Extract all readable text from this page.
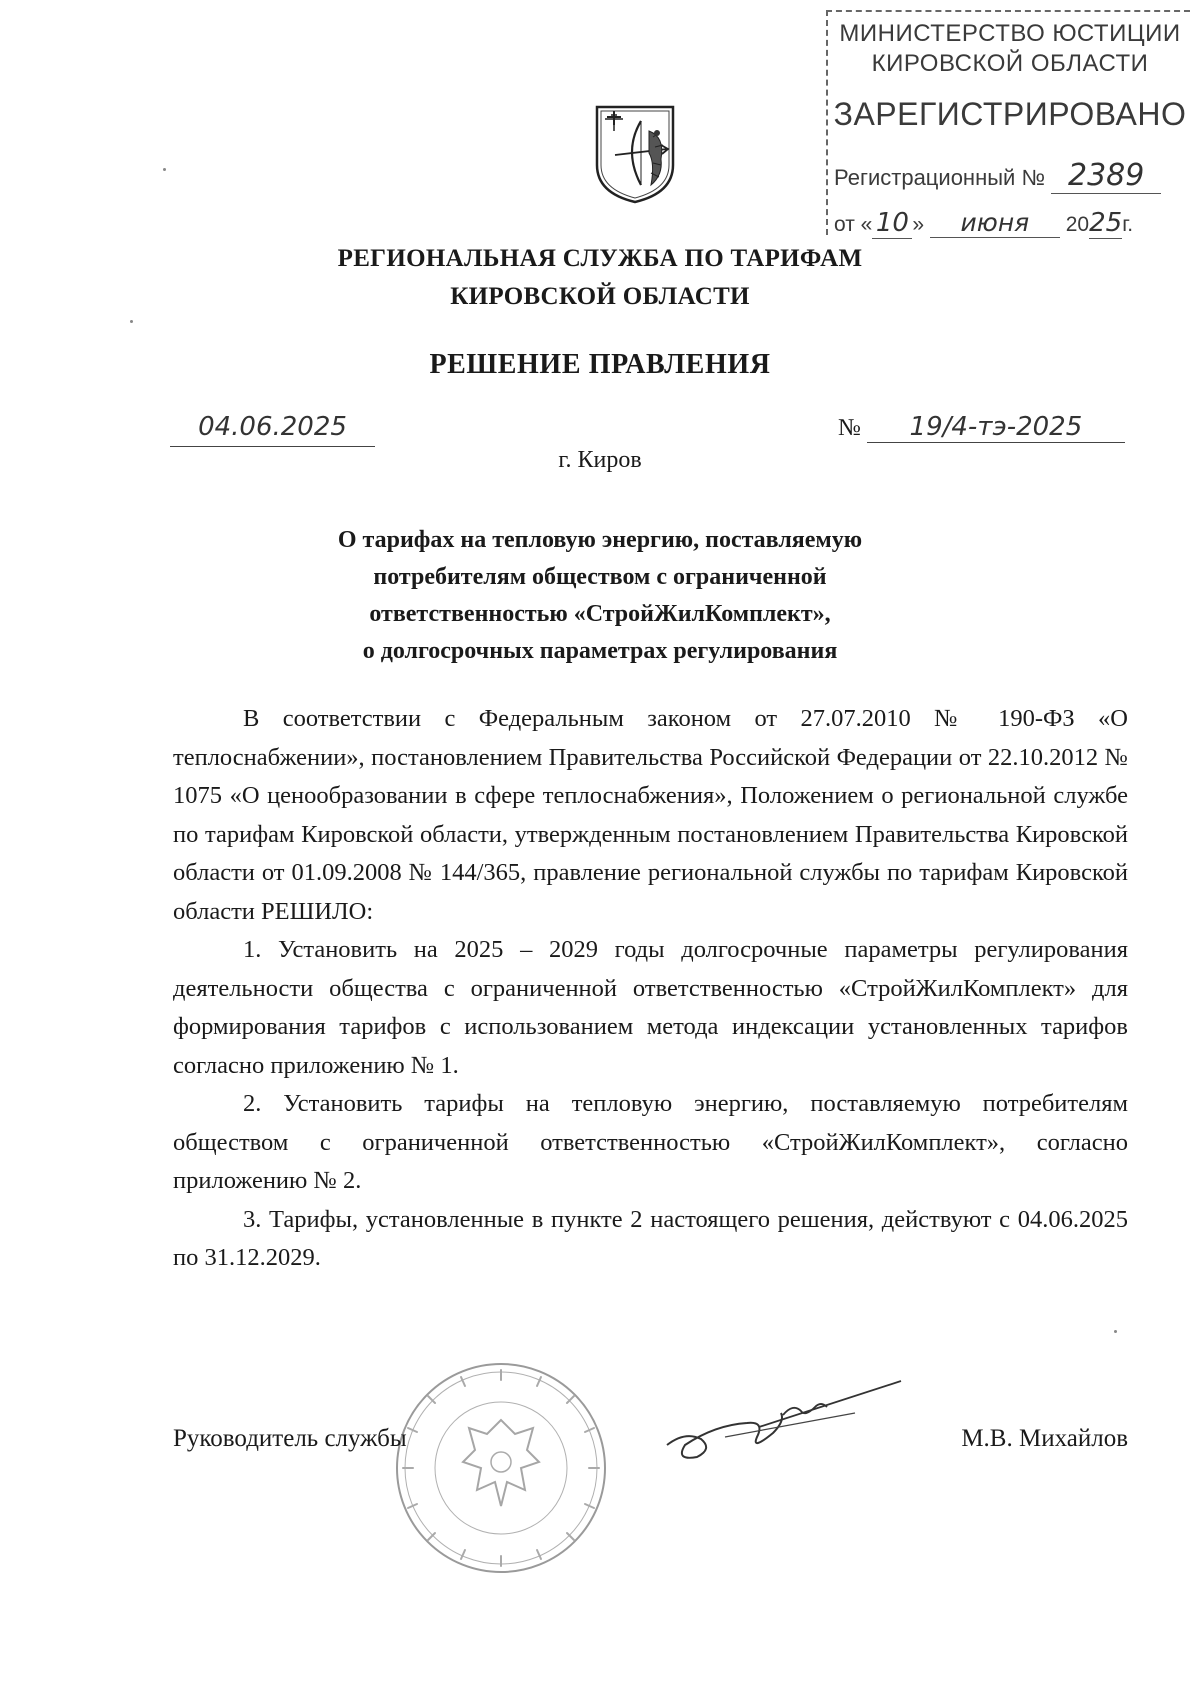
МИНИСТЕРСТВО ЮСТИЦИИ
КИРОВСКОЙ ОБЛАСТИ
ЗАРЕГИСТРИРОВАНО
Регистрационный № 2389
от « 10 » июня 2025г.
РЕГИОНАЛЬНАЯ СЛУЖБА ПО ТАРИФАМ
КИРОВСКОЙ ОБЛАСТИ
РЕШЕНИЕ ПРАВЛЕНИЯ
04.06.2025	№ 19/4-тэ-2025
г. Киров
О тарифах на тепловую энергию, поставляемую
потребителям обществом с ограниченной
ответственностью «СтройЖилКомплект»,
о долгосрочных параметрах регулирования

В соответствии с Федеральным законом от 27.07.2010 № 190-ФЗ «О теплоснабжении», постановлением Правительства Российской Федерации от 22.10.2012 № 1075 «О ценообразовании в сфере теплоснабжения», Положением о региональной службе по тарифам Кировской области, утвержденным постановлением Правительства Кировской области от 01.09.2008 № 144/365, правление региональной службы по тарифам Кировской области РЕШИЛО:

1. Установить на 2025 – 2029 годы долгосрочные параметры регулирования деятельности общества с ограниченной ответственностью «СтройЖилКомплект» для формирования тарифов с использованием метода индексации установленных тарифов согласно приложению № 1.

2. Установить тарифы на тепловую энергию, поставляемую потребителям обществом с ограниченной ответственностью «СтройЖилКомплект», согласно приложению № 2.

3. Тарифы, установленные в пункте 2 настоящего решения, действуют с 04.06.2025 по 31.12.2029.

Руководитель службы	М.В. Михайлов
